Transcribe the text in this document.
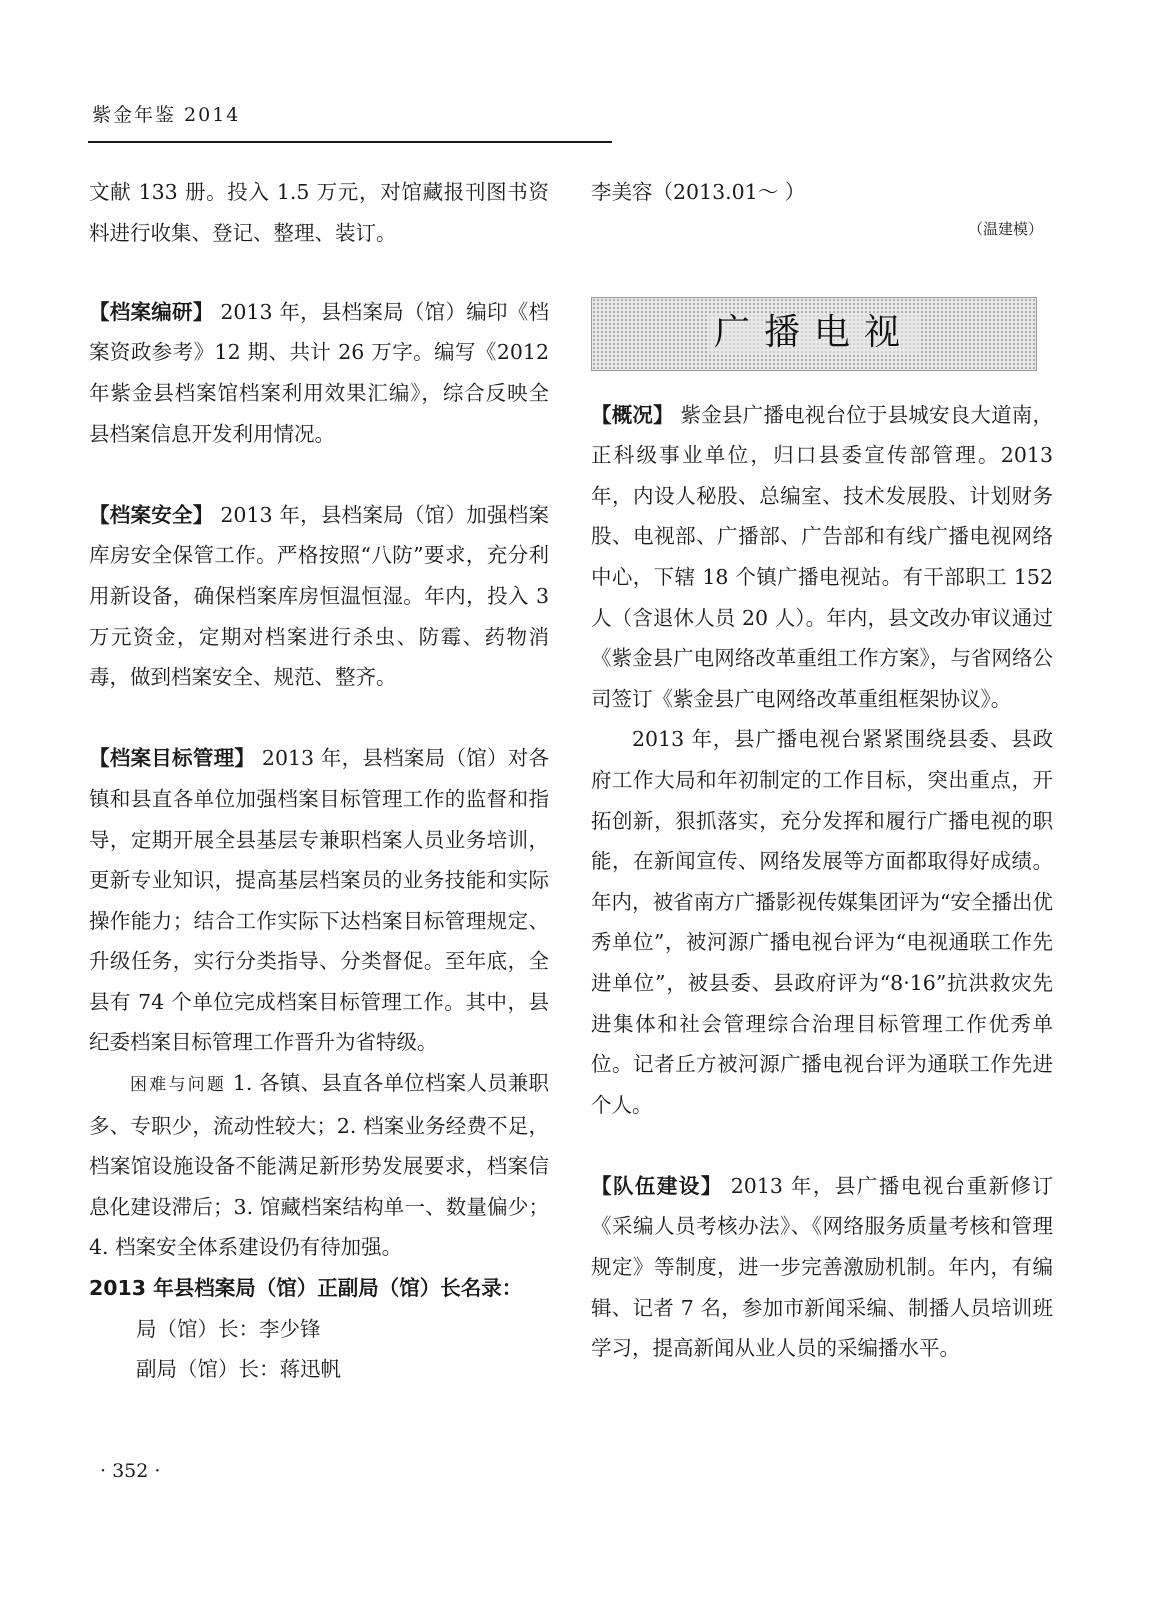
紫金年鉴 2014

文献 133 册。投入 1.5 万元，对馆藏报刊图书资料进行收集、登记、整理、装订。

【档案编研】 2013 年，县档案局（馆）编印《档案资政参考》12 期、共计 26 万字。编写《2012 年紫金县档案馆档案利用效果汇编》，综合反映全县档案信息开发利用情况。

【档案安全】 2013 年，县档案局（馆）加强档案库房安全保管工作。严格按照“八防”要求，充分利用新设备，确保档案库房恒温恒湿。年内，投入 3 万元资金，定期对档案进行杀虫、防霉、药物消毒，做到档案安全、规范、整齐。

【档案目标管理】 2013 年，县档案局（馆）对各镇和县直各单位加强档案目标管理工作的监督和指导，定期开展全县基层专兼职档案人员业务培训，更新专业知识，提高基层档案员的业务技能和实际操作能力；结合工作实际下达档案目标管理规定、升级任务，实行分类指导、分类督促。至年底，全县有 74 个单位完成档案目标管理工作。其中，县纪委档案目标管理工作晋升为省特级。

困难与问题 1. 各镇、县直各单位档案人员兼职多、专职少，流动性较大；2. 档案业务经费不足，档案馆设施设备不能满足新形势发展要求，档案信息化建设滞后；3. 馆藏档案结构单一、数量偏少；4. 档案安全体系建设仍有待加强。

2013 年县档案局（馆）正副局（馆）长名录：

局（馆）长：李少锋

副局（馆）长：蒋迅帆

李美容（2013.01～ ）

（温建模）
广播电视

【概况】 紫金县广播电视台位于县城安良大道南，正科级事业单位，归口县委宣传部管理。2013 年，内设人秘股、总编室、技术发展股、计划财务股、电视部、广播部、广告部和有线广播电视网络中心，下辖 18 个镇广播电视站。有干部职工 152 人（含退休人员 20 人）。年内，县文改办审议通过《紫金县广电网络改革重组工作方案》，与省网络公司签订《紫金县广电网络改革重组框架协议》。

2013 年，县广播电视台紧紧围绕县委、县政府工作大局和年初制定的工作目标，突出重点，开拓创新，狠抓落实，充分发挥和履行广播电视的职能，在新闻宣传、网络发展等方面都取得好成绩。年内，被省南方广播影视传媒集团评为“安全播出优秀单位”，被河源广播电视台评为“电视通联工作先进单位”，被县委、县政府评为“8·16”抗洪救灾先进集体和社会管理综合治理目标管理工作优秀单位。记者丘方被河源广播电视台评为通联工作先进个人。

【队伍建设】 2013 年，县广播电视台重新修订《采编人员考核办法》、《网络服务质量考核和管理规定》等制度，进一步完善激励机制。年内，有编辑、记者 7 名，参加市新闻采编、制播人员培训班学习，提高新闻从业人员的采编播水平。

· 352 ·
